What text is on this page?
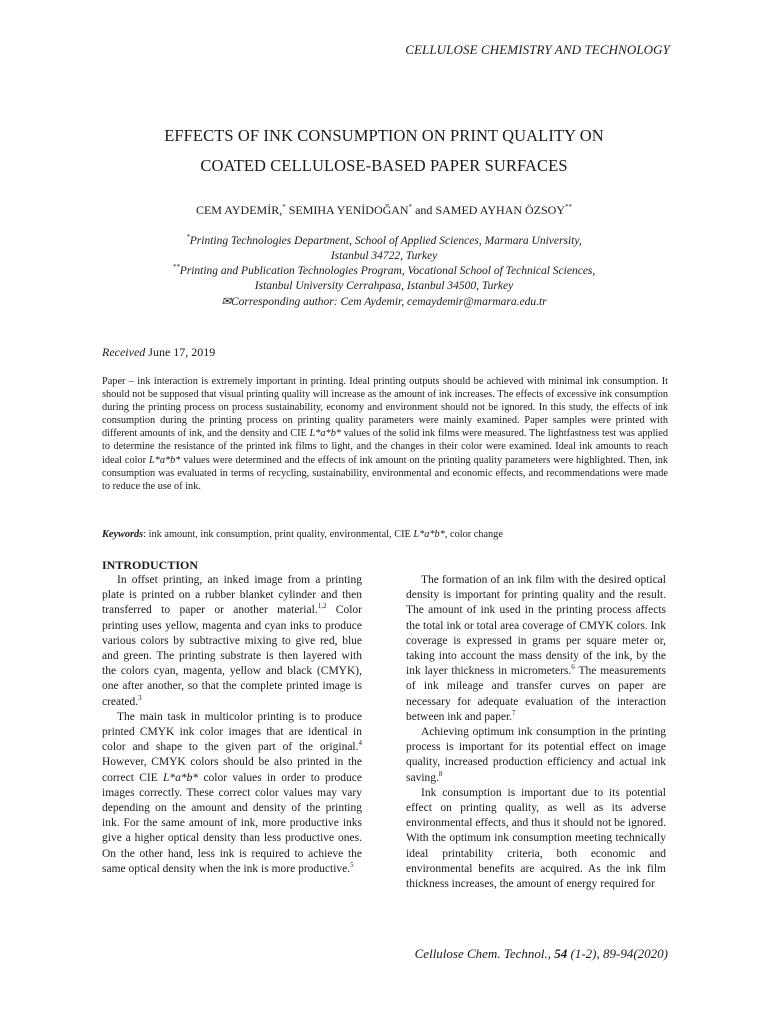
CELLULOSE CHEMISTRY AND TECHNOLOGY
EFFECTS OF INK CONSUMPTION ON PRINT QUALITY ON
COATED CELLULOSE-BASED PAPER SURFACES
CEM AYDEMİR,* SEMIHA YENİDOĞAN* and SAMED AYHAN ÖZSOY**
*Printing Technologies Department, School of Applied Sciences, Marmara University,
Istanbul 34722, Turkey
**Printing and Publication Technologies Program, Vocational School of Technical Sciences,
Istanbul University Cerrahpasa, Istanbul 34500, Turkey
✉Corresponding author: Cem Aydemir, cemaydemir@marmara.edu.tr
Received June 17, 2019
Paper – ink interaction is extremely important in printing. Ideal printing outputs should be achieved with minimal ink consumption. It should not be supposed that visual printing quality will increase as the amount of ink increases. The effects of excessive ink consumption during the printing process on process sustainability, economy and environment should not be ignored. In this study, the effects of ink consumption during the printing process on printing quality parameters were mainly examined. Paper samples were printed with different amounts of ink, and the density and CIE L*a*b* values of the solid ink films were measured. The lightfastness test was applied to determine the resistance of the printed ink films to light, and the changes in their color were examined. Ideal ink amounts to reach ideal color L*a*b* values were determined and the effects of ink amount on the printing quality parameters were highlighted. Then, ink consumption was evaluated in terms of recycling, sustainability, environmental and economic effects, and recommendations were made to reduce the use of ink.
Keywords: ink amount, ink consumption, print quality, environmental, CIE L*a*b*, color change
INTRODUCTION

In offset printing, an inked image from a printing plate is printed on a rubber blanket cylinder and then transferred to paper or another material.$^{1,2}$ Color printing uses yellow, magenta and cyan inks to produce various colors by subtractive mixing to give red, blue and green. The printing substrate is then layered with the colors cyan, magenta, yellow and black (CMYK), one after another, so that the complete printed image is created.$^3$

The main task in multicolor printing is to produce printed CMYK ink color images that are identical in color and shape to the given part of the original.$^4$ However, CMYK colors should be also printed in the correct CIE L*a*b* color values in order to produce images correctly. These correct color values may vary depending on the amount and density of the printing ink. For the same amount of ink, more productive inks give a higher optical density than less productive ones. On the other hand, less ink is required to achieve the same optical density when the ink is more productive.$^5$

The formation of an ink film with the desired optical density is important for printing quality and the result. The amount of ink used in the printing process affects the total ink or total area coverage of CMYK colors. Ink coverage is expressed in grams per square meter or, taking into account the mass density of the ink, by the ink layer thickness in micrometers.$^6$ The measurements of ink mileage and transfer curves on paper are necessary for adequate evaluation of the interaction between ink and paper.$^7$

Achieving optimum ink consumption in the printing process is important for its potential effect on image quality, increased production efficiency and actual ink saving.$^8$

Ink consumption is important due to its potential effect on printing quality, as well as its adverse environmental effects, and thus it should not be ignored. With the optimum ink consumption meeting technically ideal printability criteria, both economic and environmental benefits are acquired. As the ink film thickness increases, the amount of energy required for

Cellulose Chem. Technol., 54 (1-2), 89-94(2020)
